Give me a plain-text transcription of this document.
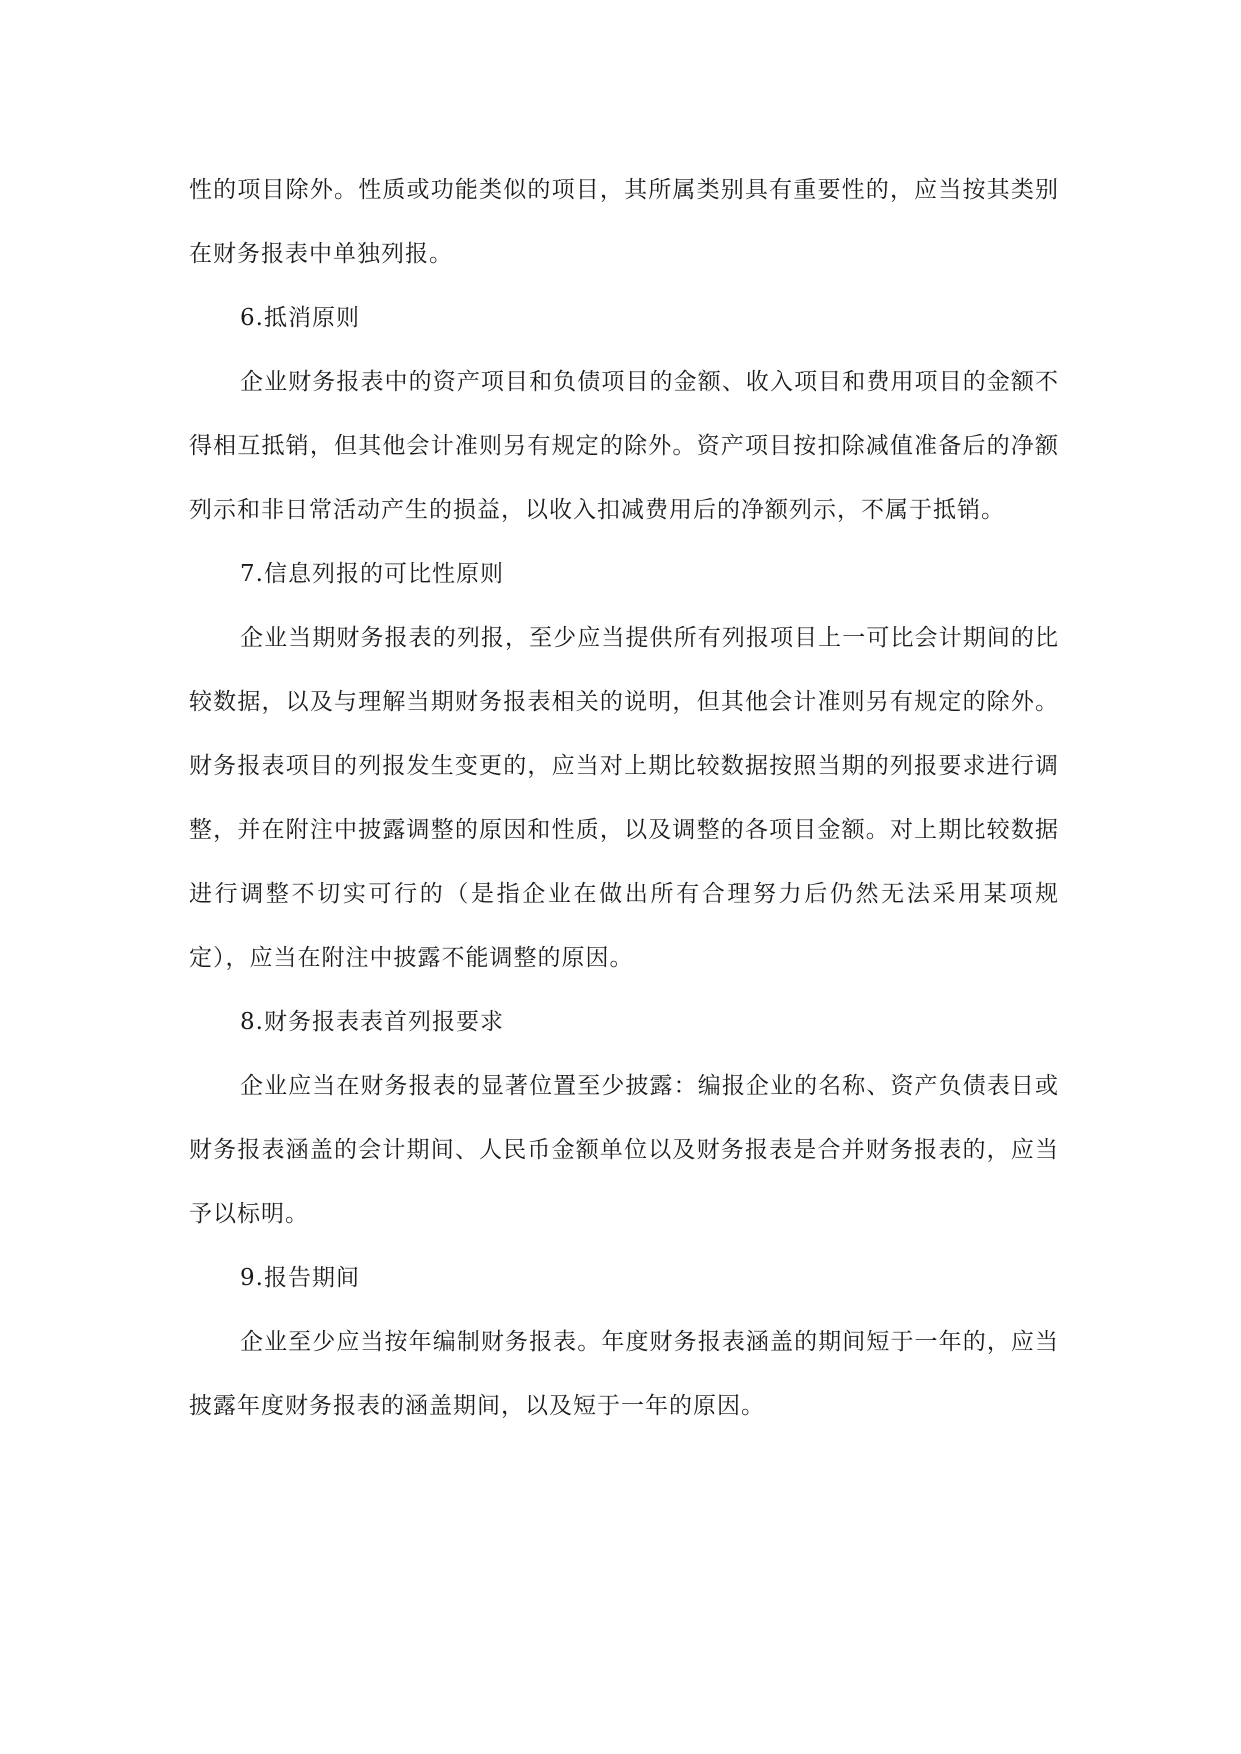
性的项目除外。性质或功能类似的项目，其所属类别具有重要性的，应当按其类别在财务报表中单独列报。

6.抵消原则

企业财务报表中的资产项目和负债项目的金额、收入项目和费用项目的金额不得相互抵销，但其他会计准则另有规定的除外。资产项目按扣除减值准备后的净额列示和非日常活动产生的损益，以收入扣减费用后的净额列示，不属于抵销。

7.信息列报的可比性原则

企业当期财务报表的列报，至少应当提供所有列报项目上一可比会计期间的比较数据，以及与理解当期财务报表相关的说明，但其他会计准则另有规定的除外。财务报表项目的列报发生变更的，应当对上期比较数据按照当期的列报要求进行调整，并在附注中披露调整的原因和性质，以及调整的各项目金额。对上期比较数据进行调整不切实可行的（是指企业在做出所有合理努力后仍然无法采用某项规定），应当在附注中披露不能调整的原因。

8.财务报表表首列报要求

企业应当在财务报表的显著位置至少披露：编报企业的名称、资产负债表日或财务报表涵盖的会计期间、人民币金额单位以及财务报表是合并财务报表的，应当予以标明。

9.报告期间

企业至少应当按年编制财务报表。年度财务报表涵盖的期间短于一年的，应当披露年度财务报表的涵盖期间，以及短于一年的原因。
